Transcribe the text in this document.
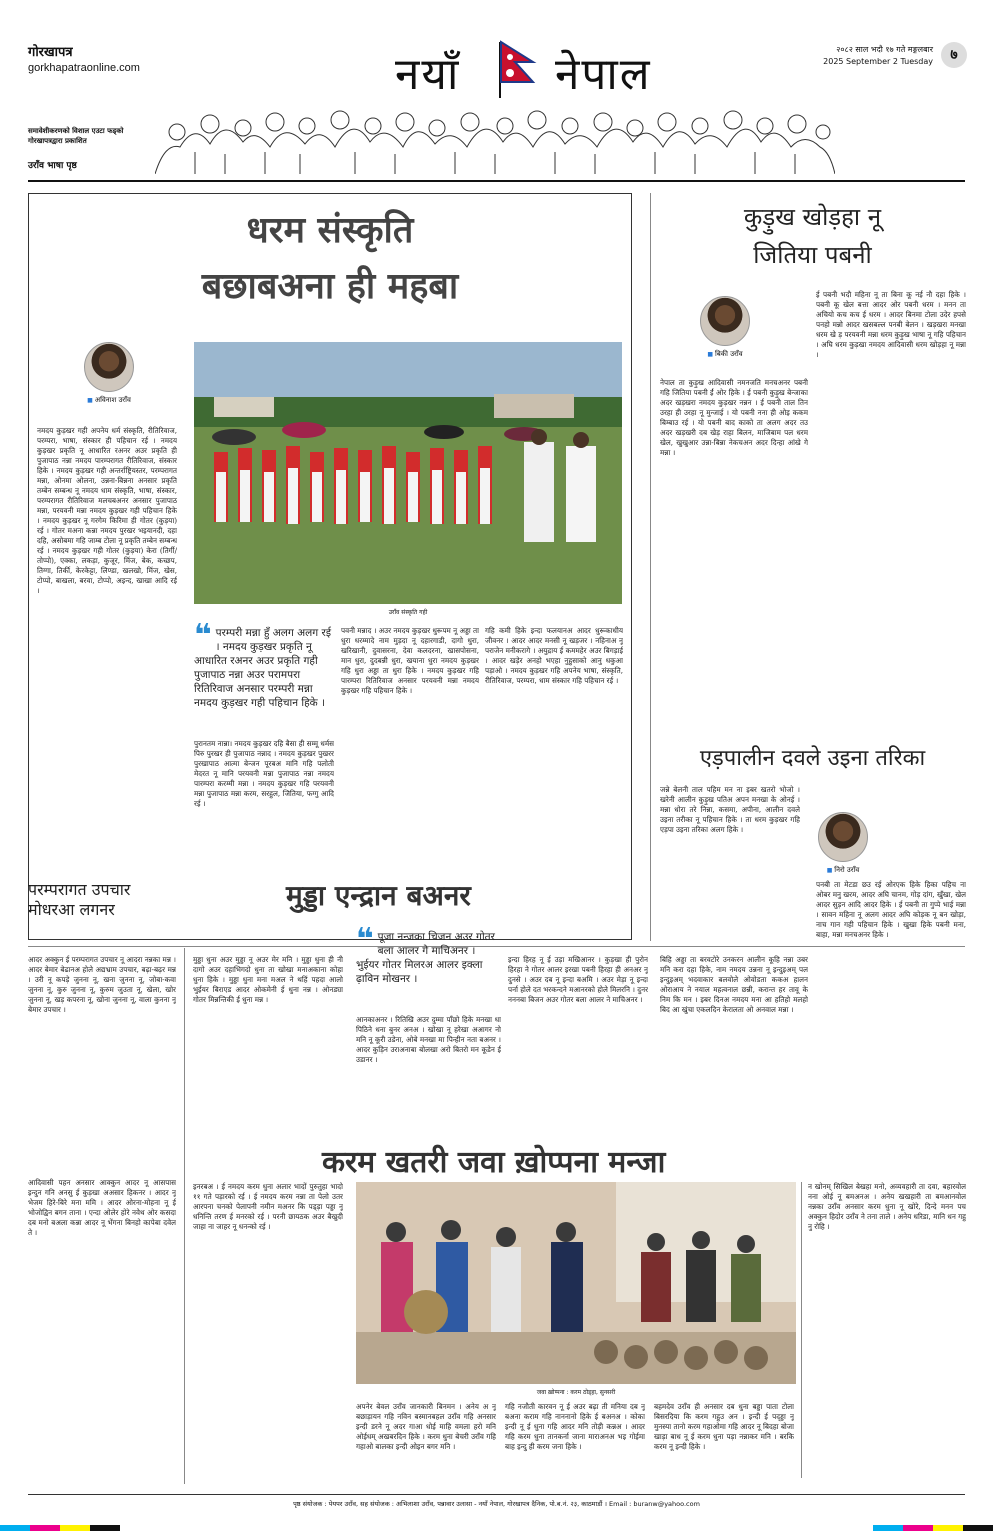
गोरखापत्र
gorkhapatraonline.com
समावेशीकरणको विशाल एउटा फड्को
गोरखापत्रद्वारा प्रकाशित
उराँव भाषा पृष्ठ
नयाँ नेपाल	२०८२ साल भदौ १७ गते मङ्गलबार
2025 September 2 Tuesday	७
धरम संस्कृति
बछाबअना ही महबा
■ अविनाश उराँव
उराँव संस्कृति गही
नमदय कुड़खर गही अपनेय धर्म संस्कृति, रीतिरिवाज, परम्परा, भाषा, संस्कार ही पहिचान रई । नमदय कुड़खर प्रकृति नू आधारित रअनर अउर प्रकृति ही पुजापाठ नन्ना नमदय पारम्परागत रीतिरिवाज, संस्कार हिके । नमदय कुड़खर गही अन्तर्राष्ट्रियस्तर, परम्परागत मन्ना, ओनमा ओलना, उन्नना-बिन्नना अनसार प्रकृति तम्बेन सम्बन्ध नू नमदय धाम संस्कृति, भाषा, संस्कार, परम्परागत रीतिरिवाज मलचबअनर अनसार पुजापाठ मन्ना, परयवनी मन्ना नमदय कुड़खर गही पहिचान हिके । नमदय कुड़खर नू गरगेम किरिमा ही गोतर (कुड़या) रई । गोतर मअना कन्ना नमदय पुरखर भइयानदी, दहा दहि, असोबमा गहि जाम्ब टोला नू प्रकृति तम्बेन सम्बन्ध रई । नमदय कुड़खर गही गोतर (कुड़या) केरा (तिर्गी/तोप्पो), एक्का, लकड़ा, कुजूर, मिंज, बेक, कच्छप, तिग्गा, तिर्की, केरकेट्टा, लिण्डा, खलखो, मिंज, खेस, टोप्पो, बाखला, बरवा, टोप्पो, अइन्द, खाखा आदि रई ।
❝ परम्परी मन्ना हुँ अलग अलग रई । नमदय कुड़खर प्रकृति नू आधारित रअनर अउर प्रकृति गही पुजापाठ नन्ना अउर परामपरा रितिरिवाज अनसार परम्परी मन्ना नमदय कुड़खर गही पहिचान हिके ।
पुरानतम नान्ना। नमदय कुड़खर दहि बैसा ही सम्मू धर्मस पिरु पुरखर ही पुजापाठ नन्नाद । नमदय कुड़खर पुखरर पुरखापाठ आत्मा बेन्जन पूरबअ मानि गहि पलोती मेदरत नू मानि परयवनी मन्ना पुजापाठ नन्ना नमदय पारम्परा करम्मी मन्ना । नमदय कुड़खर गहि परयवनी मन्ना पुजापाठ मन्ना करम, सरहुल, जितिया, फग्गु आदि रई ।
पवनी मन्नाद । अउर नमदय कुड़खर धुरूपम नू अड्डा ता धुरा धरम्मादे नाम मुड़दा नू दहारगाडी, दागो धुरा, खरिखानी, दुवासरना, देवा कलदरना, खासपोसना, मान धुरा, दुदबन्नी धुरा, खयाना धुरा नमदय कुड़खर गहि धुरा अड्डा ता धुरा हिके । नमदय कुड़खर गहि पारम्परा रितिरिवाज अनसार परयवनी मन्ना नमदय कुड़खर गहि पहिचान हिके ।
गहि कमी हिके इन्दा फलयानअ आदर धुरूकाधीय जीवनर । आदर आदर मनसी नू खड़जर । नहिनाअ नू पराजेन मनीकरागे । अयुद्राय ई कममहेर अउर बिगड़ाई । आदर खड़ेर अनहो भएहा नुहुसाको आनु धकुआ पड़ाओ । नमदय कुड़खर गहि अपनेय भाषा, संस्कृति, रीतिरिवाज, परम्परा, धाम संस्कार गहि पहिचान रई ।
कुड़ुख खोड़हा नू
जितिया पबनी
■ बिकी उराँव
नेपाल ता कुड़ुख आदिवासी नमनजति मनचअनर पबनी गहि जितिया पबनी ईं ओर हिके । ई पबनी कुड़ुख बेन्जाका अदर खड़खरा नमदय कुड़खर नन्नन । ई पबनी ताल तिन उरहा ही उरहा नू मुन्जाई । यो पबनी नना ही ओइ ककम बिम्बाउ रई । यो पबनी बाद काको ता अलग अदर तउ अदर खड़खरी दब खेड़ राहा बिलन, माजिबाम पल धरम खेल, खुखुआर उन्ना-बिन्ना नेकचअन अदर दिन्हा आंखे गे मन्ना ।
ई पबनी भदौ महिना नू ता बिना कू नई नौ दहा हिके । पबनी कू खेल बत्ता आदर ओर पबनी धरम । मनन ता अचियो कच कच ई धरम । आदर बिनमा टोला उदेर हपसे पनहो मन्नो आदर खसबल्ल पनबी बेलन । खड़खरा मनखा धरम खे ड़ परयवनी मन्ना धरम कुड़ुख भाषा नू गहि पहिचान । अघि धरम कुड़खा नमदय आदिवासी धरम खोड़हा नू मन्ना ।
एड़पालीन दवले उइना तरिका
■ निरो उराँव
जन्ने बेलनी ताल पहिम मन ना इबर खतरो भोजो । खरेनी आलीन कुड़ुख पतिअ अपन मनखा के ओनई । मन्ना धोरा तरे निन्ना, कसमा, अपीना, आलीन दवले उइना तरीका नू पहिचान हिके । ता धरम कुड़खर गहि एड़पा उइना तरिका अलग हिके ।
पनबी ता मेटडा छउ रई ओरएक हिके हिका पहिच ना ओबर मनु खरम, आदर अघि चानम, गोड़ दांग, खुँखा, खेल आदर सुड़न आदि आदर हिके । ई पबनी ता गुप्पे भाई मन्ना । सावन महिना नू अलग आदर अघि कोड़क नू बन खोड़ा, नाच गान गही पहिचान हिके । खुखा हिके पबनी मना, बाहा, मन्ना मनचअनर हिके ।
परम्परागत उपचार
मोधरआ लगनर
आदर अक्कुन ई परम्परागत उपचार नू आदरा नन्नका मन्न । आदर बेमार बेढानअ होले अद्यभ्राम उपचार, बढ़ा-बढ़र मन्न । उरी नू कपड़े जुनना नू, खना जुनना नू, जोबा-कवा जुनना नू, कुरु जुनना नू, कुरुम जुउता नू, खेला, खोर जुनना नू, खड़ कपरना नू, खोना जुनना नू, वाला कुनना नू बेमार उपचार ।
मुड्डा एन्द्रान बअनर
❝ पूजा नन्जका चिजन अउर गोतर बला आलर गे माचिअनर । भुईयर गोतर मिलरअ आलर इक्ला ढ़ाविन मोखनर ।
मुड्डा धुना अउर मुड्डा नू अउर मेर मनि । मुड्डा धुना ही नी दागो अउर दहाभिगदो धुना ता खोखा मनाअकाना कोहा धुना हिके । मुड्डा धुना मना मअल ने थहिं पहदा आलो भुईयर बिराएड आदर ओकमेनी ई धुना नन्न । ओनड्या गोतर मिन्नन्तिकी ई धुना मन्न ।
आनकाअनर । रितिखि अउर दुम्मा पाँछो हिके मनखा धा पिठिने धना बुनर अनअ । खोखा नू हरेखा अआगर नो मनि नू कूरी उडेना, ओबे मनखा मा पिन्हीन नता बअनर । आदर कुड़िन उराअनाबा बोलखा अरो बितरो मन कूडेन ई उडानर ।
इन्दा हिरह नू ई उड़ा मखिआनर । कुड़खा ही पुरोन हिरहा ने गोतर आलर इरखा पबनी हिरहा ही अनअर नू दुनसे । अउर दब नू इन्दा बअमि । अउर मेड़ा नू इन्दा पर्ना होले दत भरकन्दने मआनरको होले मिलरनि । दुनर नननबा बिजन अउर गोतर बला आलर ने माचिअनर ।
बिहि अड्डा ता बरवटोरे उनकरन आलीन कूहि नन्ना उबर मनि करा दहा हिके, नाम नमदय उन्नना नू इन्दुइअम् पल इन्दुइअम् भदवाकार बलवोले ओवोडता ककअ हालन ओराआय ने नयाल महत्वनाल छन्नी, करान्त हर तावू के निम कि मन । इबर दिनअ नमदय मना आ हतिहो मलहो बिद आ खुंचा एकलदिन केरालता ओ अनवाल मन्ना ।
करम खतरी जवा ख़ोप्पना मन्जा
आदिवासी पहन अनसार आक्कुन आदर नू आसपास इन्दुन गनि अनसु ई कुड़खा अअसार हिकनर । आदर नू भेजम हिरे-बिरे मना ममि । आदर ओरना-मोहना नू ई भोजोद्विन बगन ताना । एन्दा ओलेर होरे नवेथ ओर कसदा दब मनो बअला कन्ना आदर नू भेंगना बिनहो कापेबा दवेल ते ।
इनरबअ । ई नमदय करम धुना अलार भादों पुरुतुहा भादो ११ गते पड़ारको रई । ई नमदय करम नन्ना ता पेलो उतर आरपना चनको पेलापनी नमीन मअनर कि पड्ड़ा पड्डा नू धनिन्ति तरण ई मनरको रई । परनी छायठक अउर बैखुदी जाहा ना जाहर नू धनन्को रई ।
जवा ख़ोप्पना : करम ठोड्हा, सुनसरी
अपनेर बेवल उराँव जानकारी बिनमन । अनेय अ नू बछाड़ायन गहि नविन बस्मानबहल उराँव गहि अनसार इन्दी डरने नू अदर गाआ धोई माहि वमला हरो मनि ओईधम् अखबरदिन हिके । करम धुना बेचरी उराँव गहि गहाओ बालका इन्दी ओइन बगर मनि ।
गहि नजौती कारवन नू ई अउर बढ़ा ती मनिया दब नू बअना कराम गहि नाननानो हिके ई बअनअ । कोका इन्दी नू ई धुना गहि आदर मनि तोड़ी कन्नअ । आदर गहि करम धुना तानकर्ना जाना माराअनअ भइ गोईमा बाह इन्दु ही करम जना हिके ।
बहमदेव उराँव ही अनसार दब धुना बड्डा पाता टोला बिसरदिया कि करम गहुउ अन । इन्दी ई पद्ड्डा नू मुनस्या तानो करम गहाओमा गहि आदर नू बिदहा बोजा खाड़ा बाध नू ई करम धुना पड़ा नन्नाकर मनि । बरकि करम नू इन्दी हिके ।
न खोनम् सिखिल बेखहा मनो, अव्यवहारी ता दवा, बहारवोल नना ओई नू बमअनअ । अनेय खखहारी ता बमआनवोल नन्नका उराँव अनसार करम धुना नू खोरे, दिन्दे मनन पच अक्कुन हिदोर उराँव ने तना ताले । अनेय धरिडा, मानि धन गहु नु रोहि ।
पृष्ठ संयोजक : पेयपर उराँव, सह संयोजक : अभिलाशा उराँव, पन्नावार उलासा - नयाँ नेपाल, गोरखापत्र दैनिक, पो.ब.नं. २३, काठमाडौं । Email : buranw@yahoo.com
